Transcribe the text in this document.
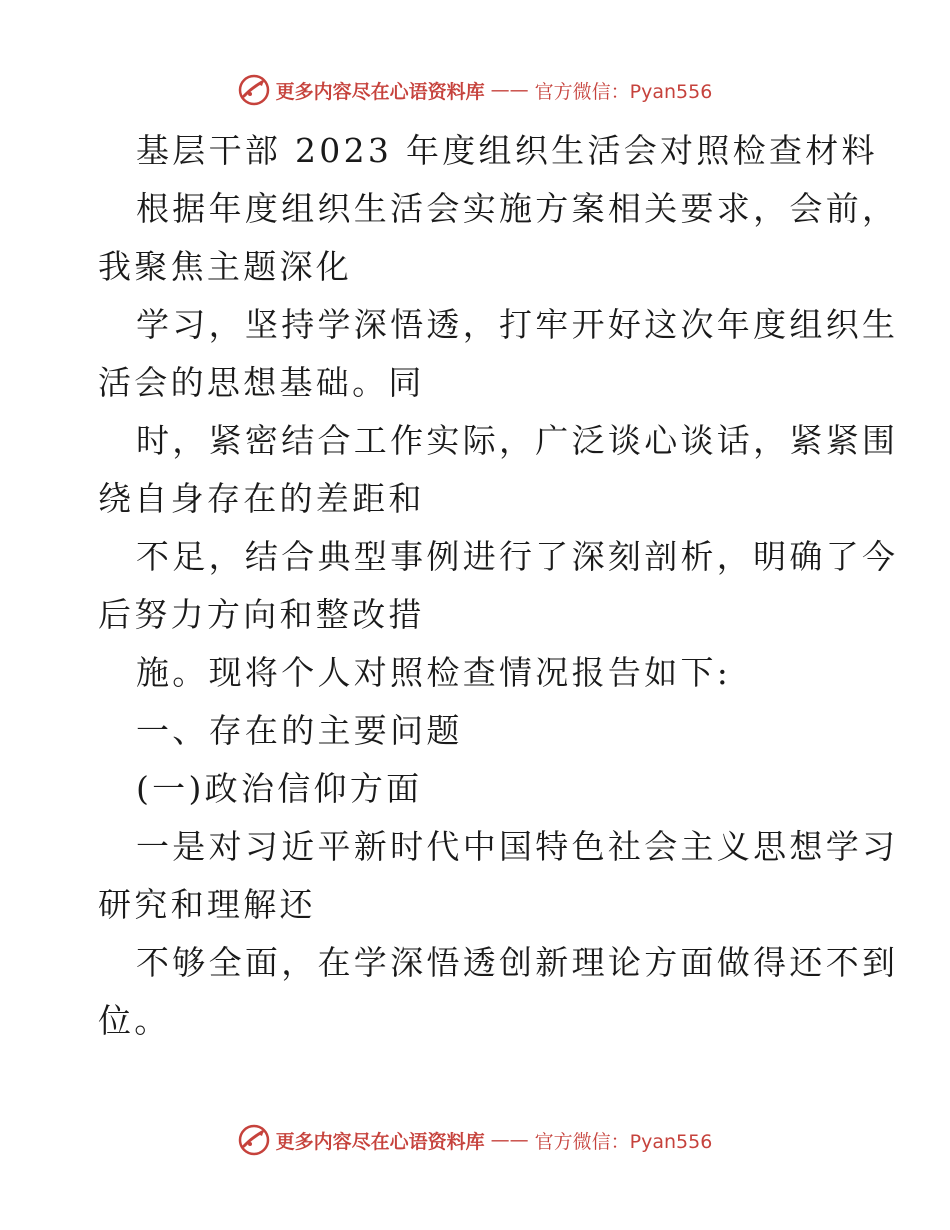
更多内容尽在心语资料库 —— 官方微信：Pyan556
基层干部 2023 年度组织生活会对照检查材料
根据年度组织生活会实施方案相关要求，会前，
我聚焦主题深化
学习，坚持学深悟透，打牢开好这次年度组织生
活会的思想基础。同
时，紧密结合工作实际，广泛谈心谈话，紧紧围
绕自身存在的差距和
不足，结合典型事例进行了深刻剖析，明确了今
后努力方向和整改措
施。现将个人对照检查情况报告如下:
一、存在的主要问题
(一)政治信仰方面
一是对习近平新时代中国特色社会主义思想学习
研究和理解还
不够全面，在学深悟透创新理论方面做得还不到
位。
更多内容尽在心语资料库 —— 官方微信：Pyan556
